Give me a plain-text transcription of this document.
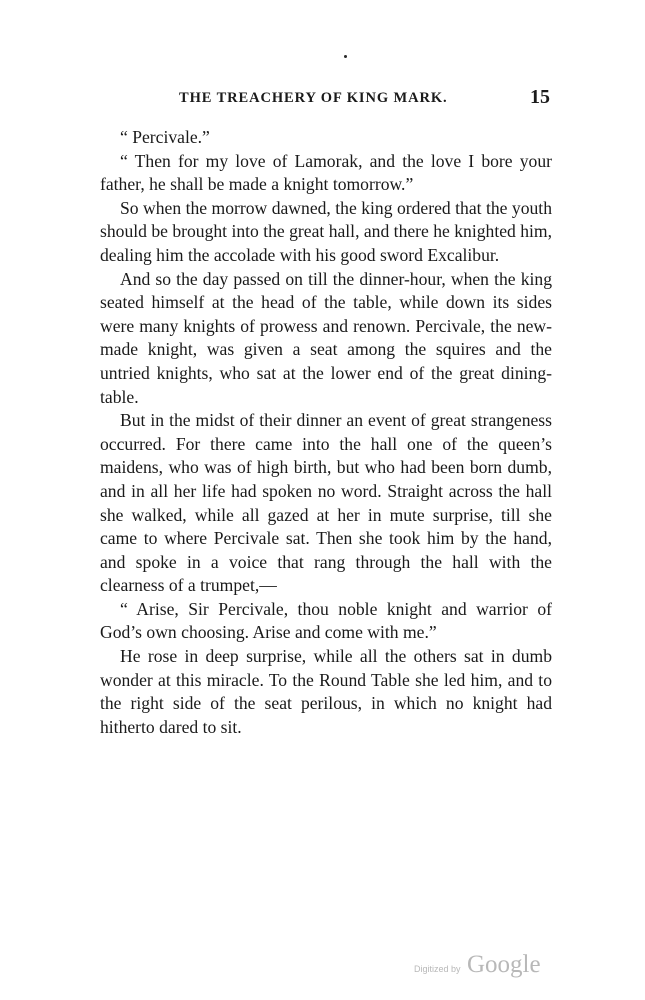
THE TREACHERY OF KING MARK.	15

“ Percivale.”

“ Then for my love of Lamorak, and the love I bore your father, he shall be made a knight tomorrow.”

So when the morrow dawned, the king ordered that the youth should be brought into the great hall, and there he knighted him, dealing him the accolade with his good sword Excalibur.

And so the day passed on till the dinner-hour, when the king seated himself at the head of the table, while down its sides were many knights of prowess and renown. Percivale, the new-made knight, was given a seat among the squires and the untried knights, who sat at the lower end of the great dining-table.

But in the midst of their dinner an event of great strangeness occurred. For there came into the hall one of the queen’s maidens, who was of high birth, but who had been born dumb, and in all her life had spoken no word. Straight across the hall she walked, while all gazed at her in mute surprise, till she came to where Percivale sat. Then she took him by the hand, and spoke in a voice that rang through the hall with the clearness of a trumpet,—

“ Arise, Sir Percivale, thou noble knight and warrior of God’s own choosing. Arise and come with me.”

He rose in deep surprise, while all the others sat in dumb wonder at this miracle. To the Round Table she led him, and to the right side of the seat perilous, in which no knight had hitherto dared to sit.

Digitized by Google
